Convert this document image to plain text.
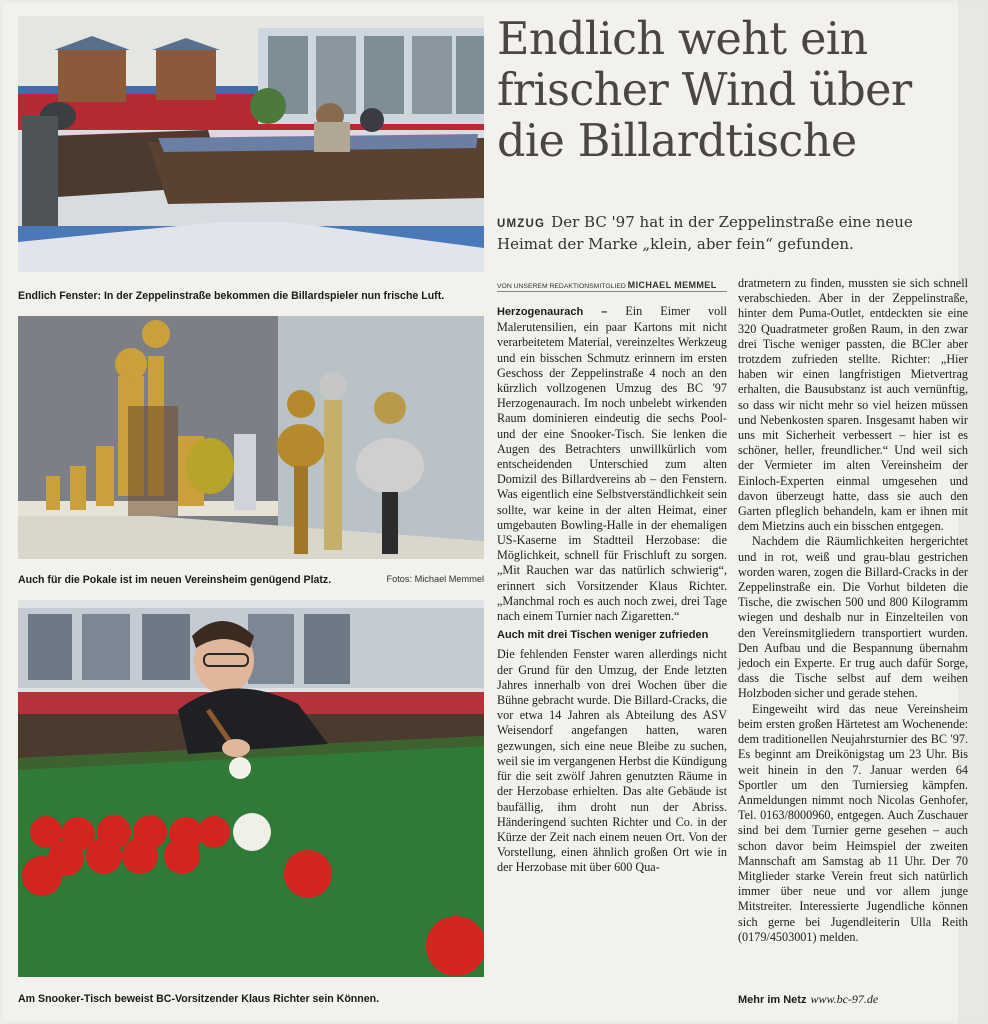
Endlich Fenster: In der Zeppelinstraße bekommen die Billardspieler nun frische Luft.
Auch für die Pokale ist im neuen Vereinsheim genügend Platz.	Fotos: Michael Memmel
Am Snooker-Tisch beweist BC-Vorsitzender Klaus Richter sein Können.
Endlich weht ein frischer Wind über die Billardtische
UMZUG Der BC '97 hat in der Zeppelinstraße eine neue Heimat der Marke „klein, aber fein“ gefunden.
VON UNSEREM REDAKTIONSMITGLIED MICHAEL MEMMEL

Herzogenaurach – Ein Eimer voll Malerutensilien, ein paar Kartons mit nicht verarbeitetem Material, vereinzeltes Werkzeug und ein bisschen Schmutz erinnern im ersten Geschoss der Zeppelinstraße 4 noch an den kürzlich vollzogenen Umzug des BC '97 Herzogenaurach. Im noch unbelebt wirkenden Raum dominieren eindeutig die sechs Pool- und der eine Snooker-Tisch. Sie lenken die Augen des Betrachters unwillkürlich vom entscheidenden Unterschied zum alten Domizil des Billardvereins ab – den Fenstern. Was eigentlich eine Selbstverständlichkeit sein sollte, war keine in der alten Heimat, einer umgebauten Bowling-Halle in der ehemaligen US-Kaserne im Stadtteil Herzobase: die Möglichkeit, schnell für Frischluft zu sorgen. „Mit Rauchen war das natürlich schwierig“, erinnert sich Vorsitzender Klaus Richter. „Manchmal roch es auch noch zwei, drei Tage nach einem Turnier nach Zigaretten.“

Auch mit drei Tischen weniger zufrieden

Die fehlenden Fenster waren allerdings nicht der Grund für den Umzug, der Ende letzten Jahres innerhalb von drei Wochen über die Bühne gebracht wurde. Die Billard-Cracks, die vor etwa 14 Jahren als Abteilung des ASV Weisendorf angefangen hatten, waren gezwungen, sich eine neue Bleibe zu suchen, weil sie im vergangenen Herbst die Kündigung für die seit zwölf Jahren genutzten Räume in der Herzobase erhielten. Das alte Gebäude ist baufällig, ihm droht nun der Abriss. Händeringend suchten Richter und Co. in der Kürze der Zeit nach einem neuen Ort. Von der Vorstellung, einen ähnlich großen Ort wie in der Herzobase mit über 600 Qua-

dratmetern zu finden, mussten sie sich schnell verabschieden. Aber in der Zeppelinstraße, hinter dem Puma-Outlet, entdeckten sie eine 320 Quadratmeter großen Raum, in den zwar drei Tische weniger passten, die BCler aber trotzdem zufrieden stellte. Richter: „Hier haben wir einen langfristigen Mietvertrag erhalten, die Bausubstanz ist auch vernünftig, so dass wir nicht mehr so viel heizen müssen und Nebenkosten sparen. Insgesamt haben wir uns mit Sicherheit verbessert – hier ist es schöner, heller, freundlicher.“ Und weil sich der Vermieter im alten Vereinsheim der Einloch-Experten einmal umgesehen und davon überzeugt hatte, dass sie auch den Garten pfleglich behandeln, kam er ihnen mit dem Mietzins auch ein bisschen entgegen.

Nachdem die Räumlichkeiten hergerichtet und in rot, weiß und grau-blau gestrichen worden waren, zogen die Billard-Cracks in der Zeppelinstraße ein. Die Vorhut bildeten die Tische, die zwischen 500 und 800 Kilogramm wiegen und deshalb nur in Einzelteilen von den Vereinsmitgliedern transportiert wurden. Den Aufbau und die Bespannung übernahm jedoch ein Experte. Er trug auch dafür Sorge, dass die Tische selbst auf dem weihen Holzboden sicher und gerade stehen.

Eingeweiht wird das neue Vereinsheim beim ersten großen Härtetest am Wochenende: dem traditionellen Neujahrsturnier des BC '97. Es beginnt am Dreikönigstag um 23 Uhr. Bis weit hinein in den 7. Januar werden 64 Sportler um den Turniersieg kämpfen. Anmeldungen nimmt noch Nicolas Genhofer, Tel. 0163/8000960, entgegen. Auch Zuschauer sind bei dem Turnier gerne gesehen – auch schon davor beim Heimspiel der zweiten Mannschaft am Samstag ab 11 Uhr. Der 70 Mitglieder starke Verein freut sich natürlich immer über neue und vor allem junge Mitstreiter. Interessierte Jugendliche können sich gerne bei Jugendleiterin Ulla Reith (0179/4503001) melden.

Mehr im Netz www.bc-97.de
